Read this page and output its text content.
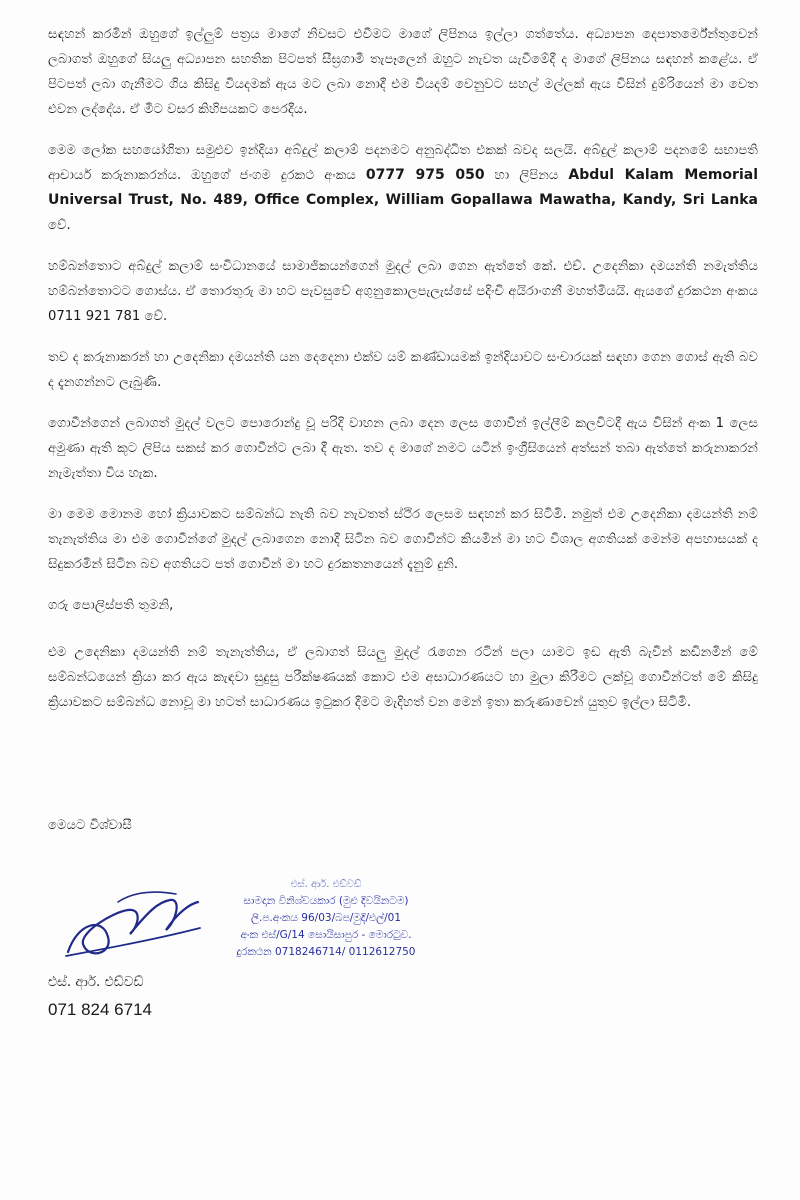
සඳහන් කරමින් ඔහුගේ ඉල්ලුම් පත්‍රය මාගේ නිවසට එවීමට මාගේ ලිපිනය ඉල්ලා ගත්තේය. අධ්‍යාපන දෙපාතර්මේන්තුවෙන් ලබාගත් ඔහුගේ සියලු අධ්‍යාපන සහතික පිටපත් සීඝ්‍රගාමී තැපෑලෙන් ඔහුට නැවත යැවීමේදී ද මාගේ ලිපිනය සඳහන් කළේය. ඒ පිටපත් ලබා ගැනීමට ගිය කිසිදු වියදමක් ඇය මට ලබා නොදී එම වියදම් වෙනුවට සහල් මල්ලක් ඇය විසින් දුම්රියෙන් මා වෙත එවන ලද්දේය. ඒ මීට වසර කිහිපයකට පෙරදීය.

මෙම ලෝක සහයෝගිතා සමුළුව ඉන්දියා අබ්දුල් කලාම් පදනමට අනුබද්ධිත එකක් බවද සලයි. අබ්දුල් කලාම් පදනමේ සභාපති ආචාර්ය කරුනාකරන්ය. ඔහුගේ ජංගම දුරකථ අංකය 0777 975 050 හා ලිපිනය Abdul Kalam Memorial Universal Trust, No. 489, Office Complex, William Gopallawa Mawatha, Kandy, Sri Lanka වේ.

හම්බන්තොට අබ්දුල් කලාම් සංවිධානයේ සාමාජිකයන්ගෙන් මුදල් ලබා ගෙන ඇත්තේ කේ. එච්. උදෙනිකා දමයන්ති නමැත්තිය හම්බන්තොටට ගොස්ය. ඒ තොරතුරු මා හට පැවසුවේ අගුනුකොලපැලැස්සේ පදිංචි අයිරාංගනී මහත්මියයි. ඇයගේ දුරකථන අංකය 0711 921 781 වේ.

තව ද කරුනාකරන් හා උදෙනිකා දමයන්ති යන දෙදෙනා එක්ව යම් කණ්ඩායමක් ඉන්දියාවට සංචාරයක් සඳහා ගෙන ගොස් ඇති බව ද දැනගන්නට ලැබුණි.

ගොවීන්ගෙන් ලබාගත් මුදල් වලට පොරොන්දු වූ පරිදි වාහන ලබා දෙන ලෙස ගොවීන් ඉල්ලීම් කලවිටදී ඇය විසින් අංක 1 ලෙස අමුණා ඇති කූට ලිපිය සකස් කර ගොවීන්ට ලබා දී ඇත. තව ද මාගේ නමට යටින් ඉංග්‍රීසියෙන් අත්සන් තබා ඇත්තේ කරුනාකරන් නැමැත්තා විය හැක.

මා මෙම මොනම හෝ ක්‍රියාවකට සම්බන්ධ නැති බව නැවතත් ස්ථිර ලෙසම සඳහන් කර සිටිමි. නමුත් එම උදෙනිකා දමයන්ති නම් තැනැත්තිය මා එම ගොවීන්ගේ මුදල් ලබාගෙන නොදී සිටින බව ගොවීන්ට කියමින් මා හට විශාල අගතියක් මෙන්ම අපහාසයක් ද සිදුකරමින් සිටින බව අගතියට පත් ගොවීන් මා හට දුරකතනයෙන් දැනුම් දුනි.

ගරු පොලිස්පති තුමනි,

එම උදෙනිකා දමයන්ති නම් තැනැත්තිය, ඒ ලබාගත් සියලු මුදල් රැගෙන රටින් පලා යාමට ඉඩ ඇති බැවින් කඩිනමින් මේ සම්බන්ධයෙන් ක්‍රියා කර ඇය කැඳවා සුදුසු පරීක්ෂණයක් කොට එම අසාධාරණයට හා මුලා කිරීමට ලක්වූ ගොවීන්ටත් මේ කිසිදු ක්‍රියාවකට සම්බන්ධ නොවූ මා හටත් සාධාරණය ඉටුකර දීමට මැදිහත් වන මෙන් ඉතා කරුණාවෙන් යුතුව ඉල්ලා සිටිමි.

මෙයට විශ්වාසී
එස්. ආර්. එඩ්වඩ්
සාමදාන විනිශ්චයකාර (මුළු දිවයිනටම)
ලි.ප.අංකය 96/03/බප/මුදි/එල්/01
අංක එස්/G/14 සොයිසාපුර - මොරටුව.
දුරකථන 0718246714/ 0112612750
එස්. ආර්. එඩ්වඩ්
071 824 6714
